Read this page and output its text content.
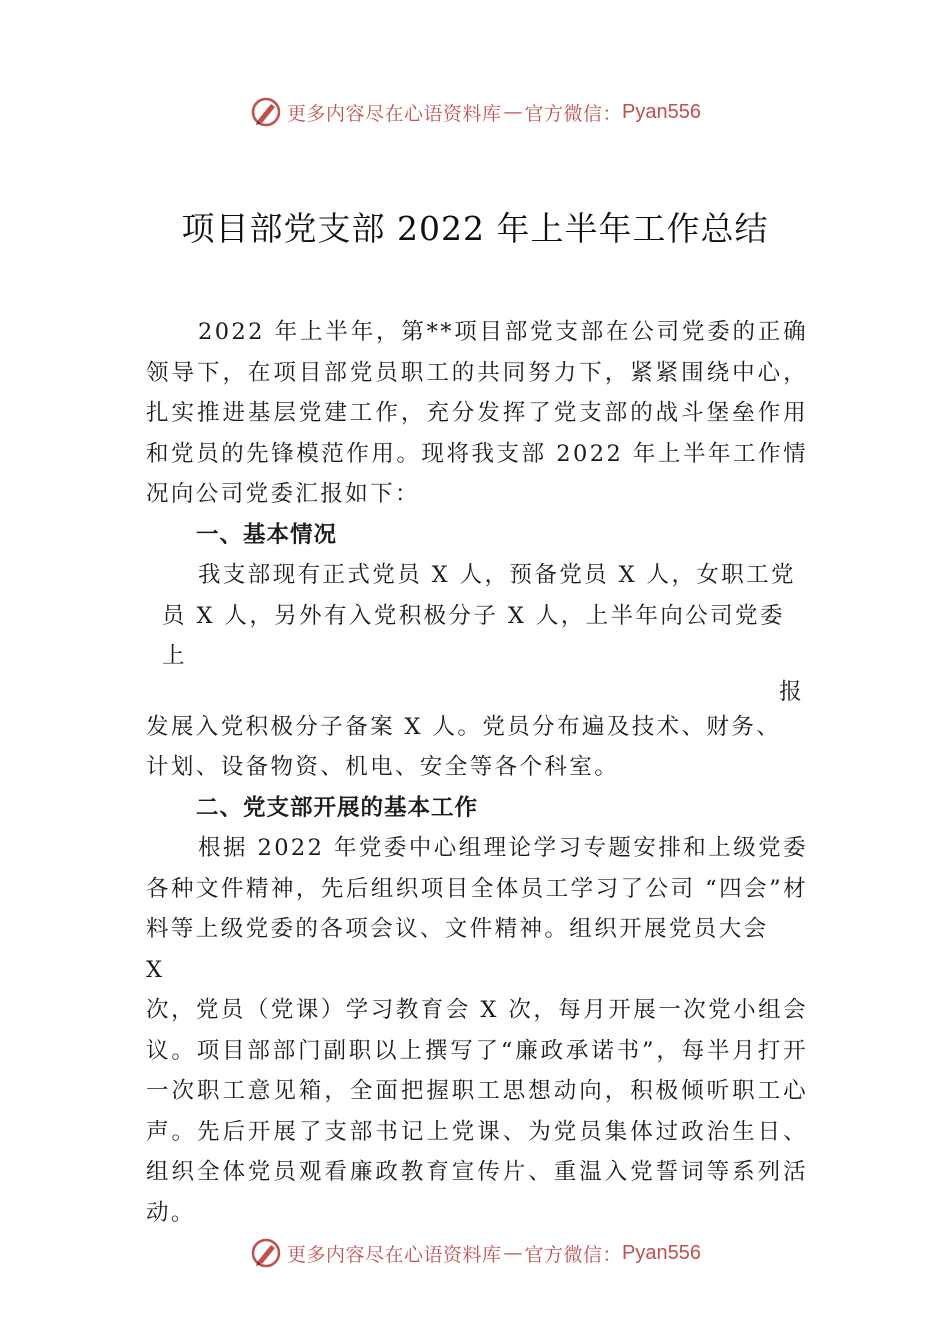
更多内容尽在心语资料库 — 官方微信： Pyan556
项目部党支部 2022 年上半年工作总结

2022 年上半年，第**项目部党支部在公司党委的正确领导下，在项目部党员职工的共同努力下，紧紧围绕中心，扎实推进基层党建工作，充分发挥了党支部的战斗堡垒作用和党员的先锋模范作用。现将我支部 2022 年上半年工作情况向公司党委汇报如下：

一、基本情况

我支部现有正式党员 X 人，预备党员 X 人，女职工党

员 X 人，另外有入党积极分子 X 人，上半年向公司党委上

报

发展入党积极分子备案 X 人。党员分布遍及技术、财务、

计划、设备物资、机电、安全等各个科室。

二、党支部开展的基本工作

根据 2022 年党委中心组理论学习专题安排和上级党委各种文件精神，先后组织项目全体员工学习了公司 “四会”材料等上级党委的各项会议、文件精神。组织开展党员大会

X

次，党员（党课）学习教育会 X 次，每月开展一次党小组会议。项目部部门副职以上撰写了“廉政承诺书”，每半月打开一次职工意见箱，全面把握职工思想动向，积极倾听职工心声。先后开展了支部书记上党课、为党员集体过政治生日、组织全体党员观看廉政教育宣传片、重温入党誓词等系列活动。

更多内容尽在心语资料库 — 官方微信： Pyan556
